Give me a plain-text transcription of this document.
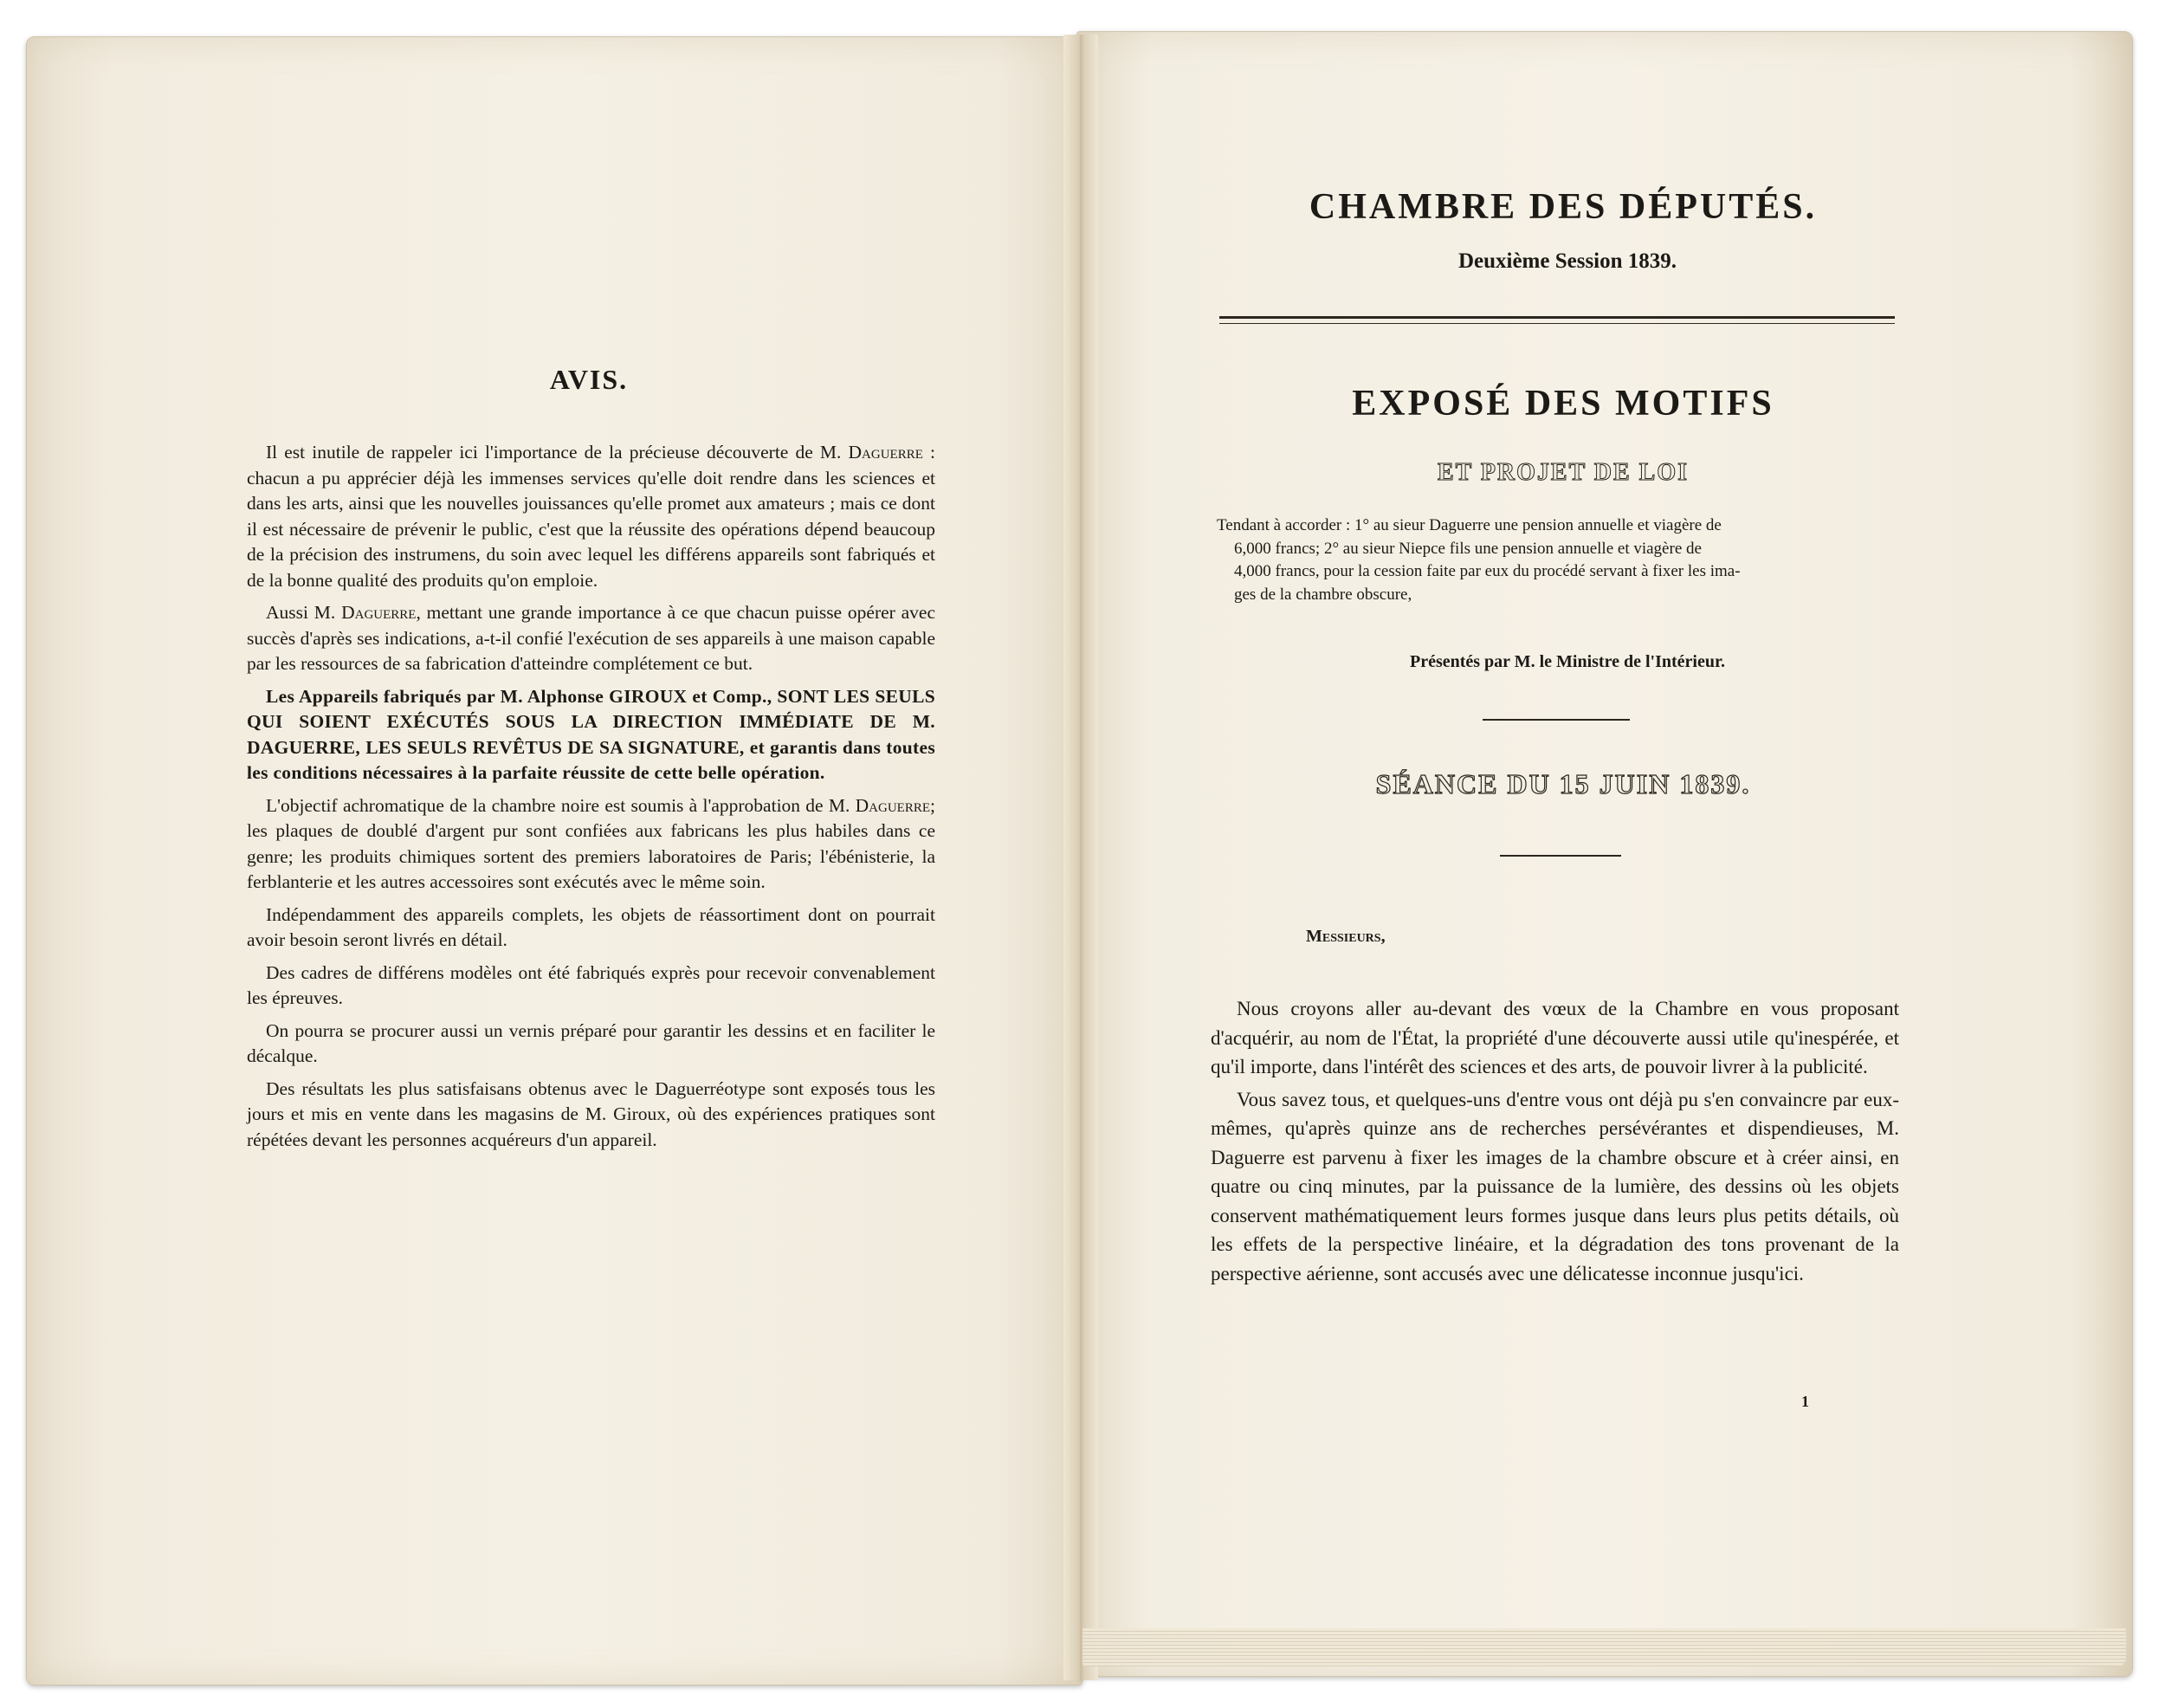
AVIS.

Il est inutile de rappeler ici l'importance de la précieuse découverte de M. Daguerre : chacun a pu apprécier déjà les immenses services qu'elle doit rendre dans les sciences et dans les arts, ainsi que les nouvelles jouissances qu'elle promet aux amateurs ; mais ce dont il est nécessaire de prévenir le public, c'est que la réussite des opérations dépend beaucoup de la précision des instrumens, du soin avec lequel les différens appareils sont fabriqués et de la bonne qualité des produits qu'on emploie.

Aussi M. Daguerre, mettant une grande importance à ce que chacun puisse opérer avec succès d'après ses indications, a-t-il confié l'exécution de ses appareils à une maison capable par les ressources de sa fabrication d'atteindre complétement ce but.

Les Appareils fabriqués par M. Alphonse GIROUX et Comp., SONT LES SEULS QUI SOIENT EXÉCUTÉS SOUS LA DIRECTION IMMÉDIATE DE M. DAGUERRE, LES SEULS REVÊTUS DE SA SIGNATURE, et garantis dans toutes les conditions nécessaires à la parfaite réussite de cette belle opération.

L'objectif achromatique de la chambre noire est soumis à l'approbation de M. Daguerre; les plaques de doublé d'argent pur sont confiées aux fabricans les plus habiles dans ce genre; les produits chimiques sortent des premiers laboratoires de Paris; l'ébénisterie, la ferblanterie et les autres accessoires sont exécutés avec le même soin.

Indépendamment des appareils complets, les objets de réassortiment dont on pourrait avoir besoin seront livrés en détail.

Des cadres de différens modèles ont été fabriqués exprès pour recevoir convenablement les épreuves.

On pourra se procurer aussi un vernis préparé pour garantir les dessins et en faciliter le décalque.

Des résultats les plus satisfaisans obtenus avec le Daguerréotype sont exposés tous les jours et mis en vente dans les magasins de M. Giroux, où des expériences pratiques sont répétées devant les personnes acquéreurs d'un appareil.

CHAMBRE DES DÉPUTÉS.
Deuxième Session 1839.
EXPOSÉ DES MOTIFS
ET PROJET DE LOI
Tendant à accorder : 1° au sieur Daguerre une pension annuelle et viagère de

6,000 francs; 2° au sieur Niepce fils une pension annuelle et viagère de
4,000 francs, pour la cession faite par eux du procédé servant à fixer les ima-
ges de la chambre obscure,
Présentés par M. le Ministre de l'Intérieur.
SÉANCE DU 15 JUIN 1839.
Messieurs,

Nous croyons aller au-devant des vœux de la Chambre en vous proposant d'acquérir, au nom de l'État, la propriété d'une découverte aussi utile qu'inespérée, et qu'il importe, dans l'intérêt des sciences et des arts, de pouvoir livrer à la publicité.

Vous savez tous, et quelques-uns d'entre vous ont déjà pu s'en convaincre par eux-mêmes, qu'après quinze ans de recherches persévérantes et dispendieuses, M. Daguerre est parvenu à fixer les images de la chambre obscure et à créer ainsi, en quatre ou cinq minutes, par la puissance de la lumière, des dessins où les objets conservent mathématiquement leurs formes jusque dans leurs plus petits détails, où les effets de la perspective linéaire, et la dégradation des tons provenant de la perspective aérienne, sont accusés avec une délicatesse inconnue jusqu'ici.

1
